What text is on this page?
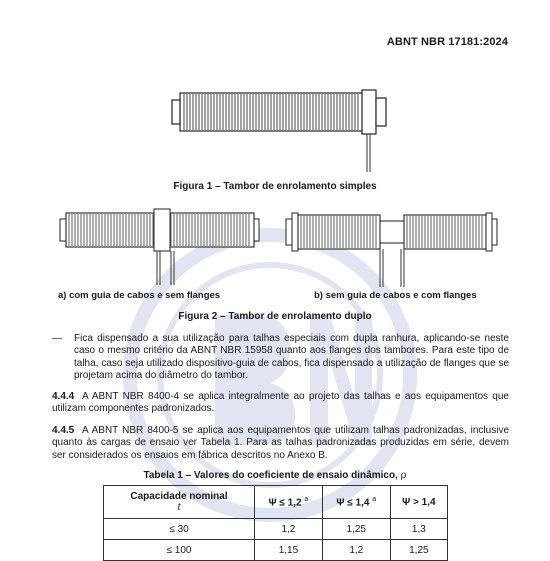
ABNT NBR 17181:2024
Figura 1 – Tambor de enrolamento simples
a) com guia de cabos e sem flanges	b) sem guia de cabos e com flanges
Figura 2 – Tambor de enrolamento duplo
— Fica dispensado a sua utilização para talhas especiais com dupla ranhura, aplicando-se neste caso o mesmo critério da ABNT NBR 15958 quanto aos flanges dos tambores. Para este tipo de talha, caso seja utilizado dispositivo-guia de cabos, fica dispensado a utilização de flanges que se projetam acima do diâmetro do tambor.
4.4.4 A ABNT NBR 8400-4 se aplica integralmente ao projeto das talhas e aos equipamentos que utilizam componentes padronizados.
4.4.5 A ABNT NBR 8400-5 se aplica aos equipamentos que utilizam talhas padronizadas, inclusive quanto às cargas de ensaio ver Tabela 1. Para as talhas padronizadas produzidas em série, devem ser considerados os ensaios em fábrica descritos no Anexo B.
Tabela 1 – Valores do coeficiente de ensaio dinâmico, ρ
Capacidade nominal
t	Ψ ≤ 1,2 $^a$	Ψ ≤ 1,4 $^a$	Ψ > 1,4
≤ 30	1,2	1,25	1,3
≤ 100	1,15	1,2	1,25
